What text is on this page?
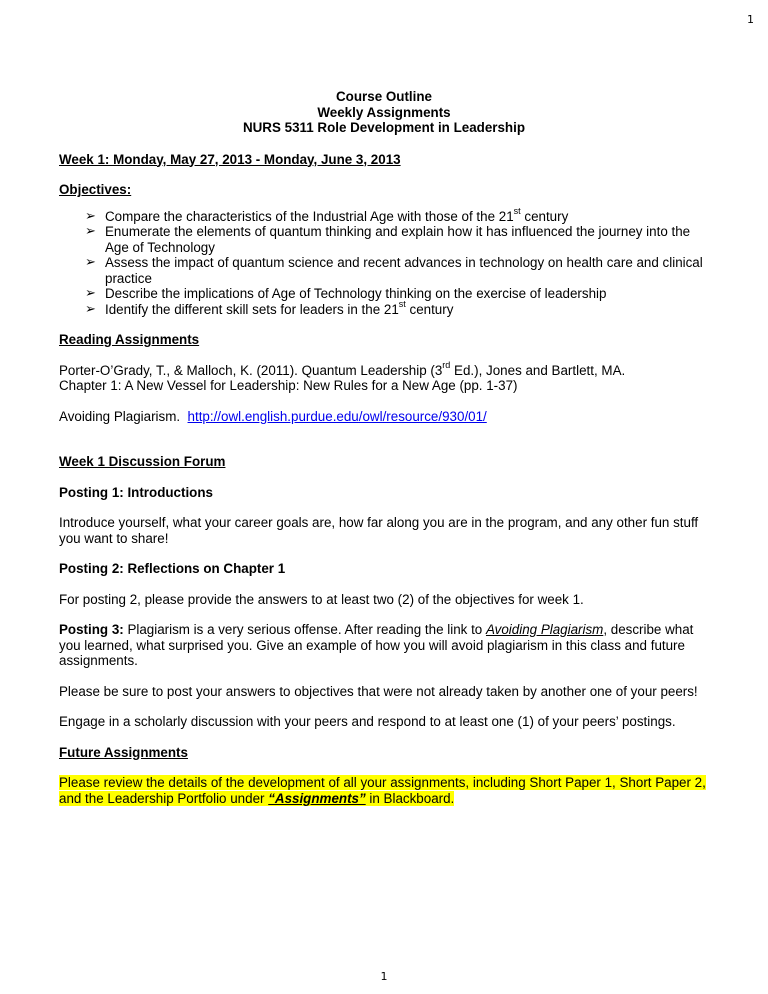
1
Course Outline
Weekly Assignments
NURS 5311 Role Development in Leadership
Week 1: Monday, May 27, 2013 - Monday, June 3, 2013
Objectives:
➢ Compare the characteristics of the Industrial Age with those of the 21st century
➢ Enumerate the elements of quantum thinking and explain how it has influenced the journey into the Age of Technology
➢ Assess the impact of quantum science and recent advances in technology on health care and clinical practice
➢ Describe the implications of Age of Technology thinking on the exercise of leadership
➢ Identify the different skill sets for leaders in the 21st century
Reading Assignments
Porter-O’Grady, T., & Malloch, K. (2011). Quantum Leadership (3rd Ed.), Jones and Bartlett, MA.
Chapter 1: A New Vessel for Leadership: New Rules for a New Age (pp. 1-37)
Avoiding Plagiarism. http://owl.english.purdue.edu/owl/resource/930/01/
Week 1 Discussion Forum
Posting 1: Introductions
Introduce yourself, what your career goals are, how far along you are in the program, and any other fun stuff you want to share!
Posting 2: Reflections on Chapter 1
For posting 2, please provide the answers to at least two (2) of the objectives for week 1.
Posting 3: Plagiarism is a very serious offense. After reading the link to Avoiding Plagiarism, describe what you learned, what surprised you. Give an example of how you will avoid plagiarism in this class and future assignments.
Please be sure to post your answers to objectives that were not already taken by another one of your peers!
Engage in a scholarly discussion with your peers and respond to at least one (1) of your peers’ postings.
Future Assignments
Please review the details of the development of all your assignments, including Short Paper 1, Short Paper 2, and the Leadership Portfolio under “Assignments” in Blackboard.
1
